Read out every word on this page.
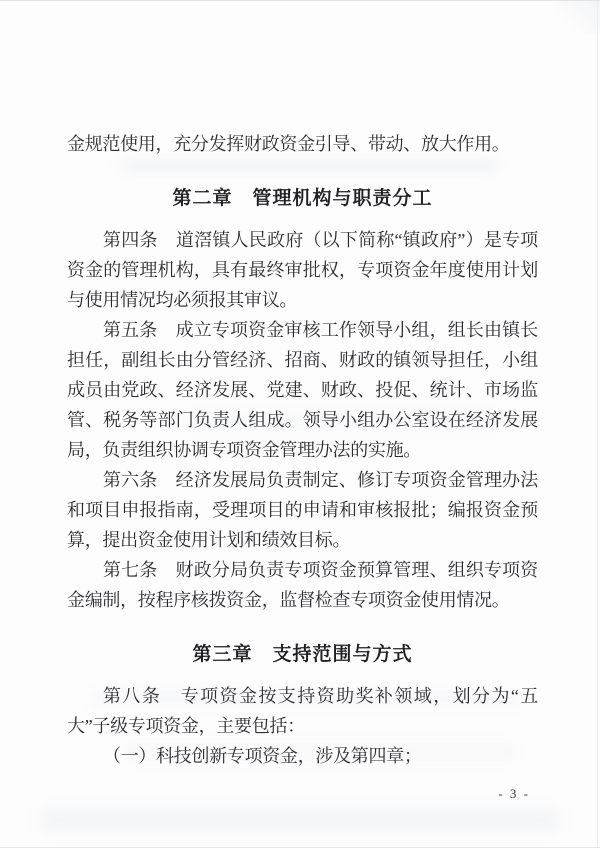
金规范使用，充分发挥财政资金引导、带动、放大作用。

第二章　管理机构与职责分工

第四条　道滘镇人民政府（以下简称“镇政府”）是专项资金的管理机构，具有最终审批权，专项资金年度使用计划与使用情况均必须报其审议。

第五条　成立专项资金审核工作领导小组，组长由镇长担任，副组长由分管经济、招商、财政的镇领导担任，小组成员由党政、经济发展、党建、财政、投促、统计、市场监管、税务等部门负责人组成。领导小组办公室设在经济发展局，负责组织协调专项资金管理办法的实施。

第六条　经济发展局负责制定、修订专项资金管理办法和项目申报指南，受理项目的申请和审核报批；编报资金预算，提出资金使用计划和绩效目标。

第七条　财政分局负责专项资金预算管理、组织专项资金编制，按程序核拨资金，监督检查专项资金使用情况。

第三章　支持范围与方式

第八条　专项资金按支持资助奖补领域，划分为“五大”子级专项资金，主要包括：

（一）科技创新专项资金，涉及第四章；

- 3 -
